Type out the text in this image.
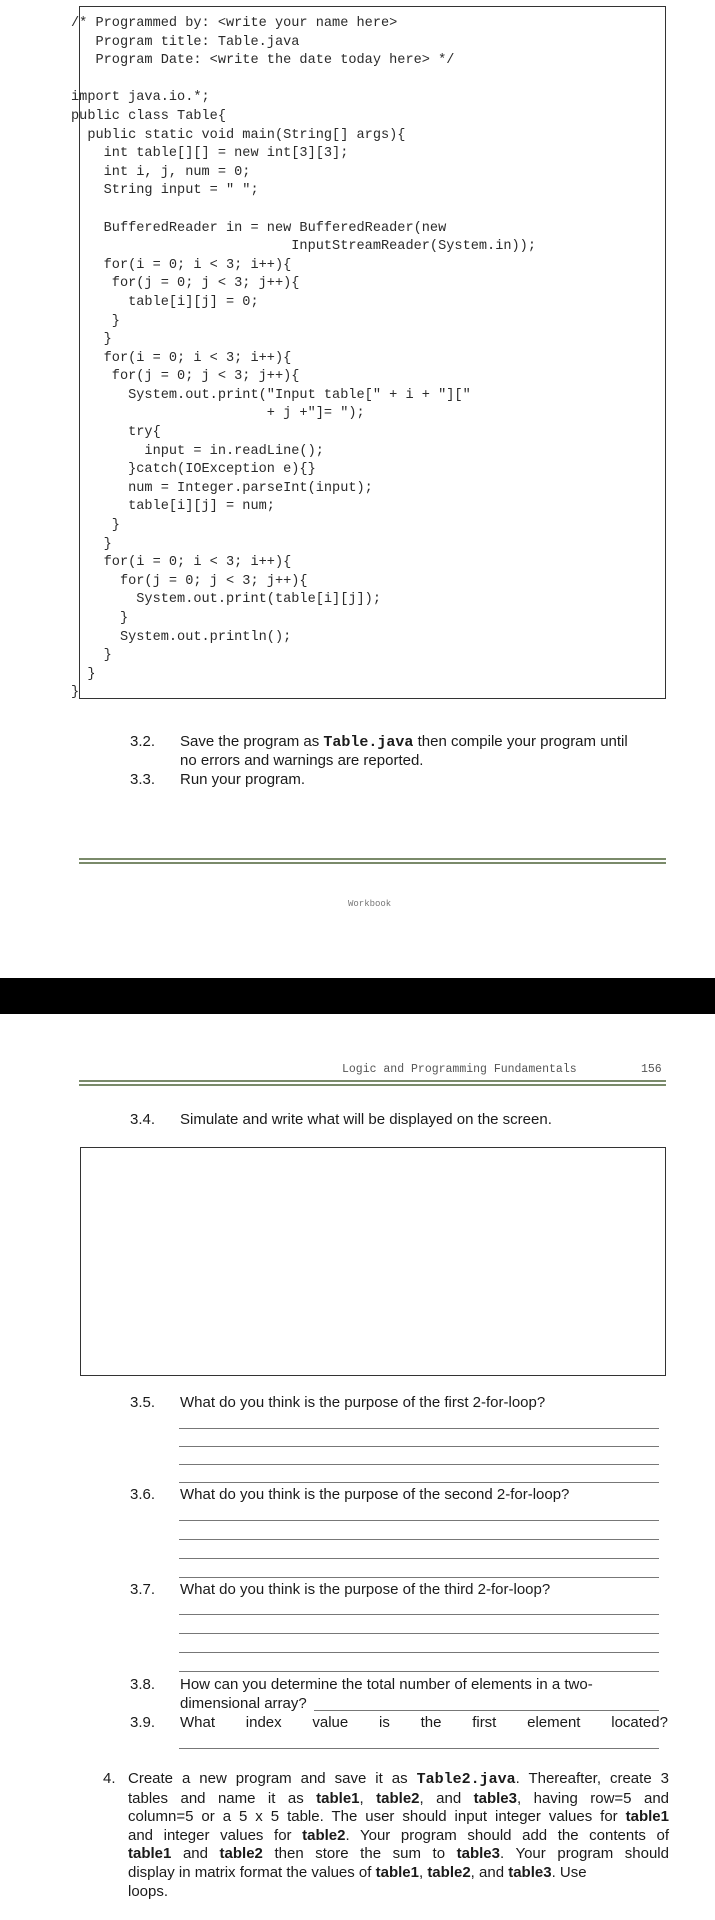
/* Programmed by: <write your name here>
Program title: Table.java
Program Date: <write the date today here> */
import java.io.*;
public class Table{
public static void main(String[] args){
int table[][] = new int[3][3];
int i, j, num = 0;
String input = " ";
BufferedReader in = new BufferedReader(new
InputStreamReader(System.in));
for(i = 0; i < 3; i++){
for(j = 0; j < 3; j++){
table[i][j] = 0;
}
}
for(i = 0; i < 3; i++){
for(j = 0; j < 3; j++){
System.out.print("Input table[" + i + "]["
+ j +"]= ");
try{
input = in.readLine();
}catch(IOException e){}
num = Integer.parseInt(input);
table[i][j] = num;
}
}
for(i = 0; i < 3; i++){
for(j = 0; j < 3; j++){
System.out.print(table[i][j]);
}
System.out.println();
}
}
}
3.2. Save the program as Table.java then compile your program until
no errors and warnings are reported.
3.3. Run your program.
Workbook
Logic and Programming Fundamentals	156
3.4. Simulate and write what will be displayed on the screen.
3.5. What do you think is the purpose of the first 2-for-loop?
3.6. What do you think is the purpose of the second 2-for-loop?
3.7. What do you think is the purpose of the third 2-for-loop?
3.8. How can you determine the total number of elements in a two-
dimensional array?
3.9. What index value is the first element located?
4. Create a new program and save it as Table2.java. Thereafter, create 3
tables and name it as table1, table2, and table3, having row=5 and
column=5 or a 5 x 5 table. The user should input integer values for table1
and integer values for table2. Your program should add the contents of
table1 and table2 then store the sum to table3. Your program should
display in matrix format the values of table1, table2, and table3. Use
loops.
